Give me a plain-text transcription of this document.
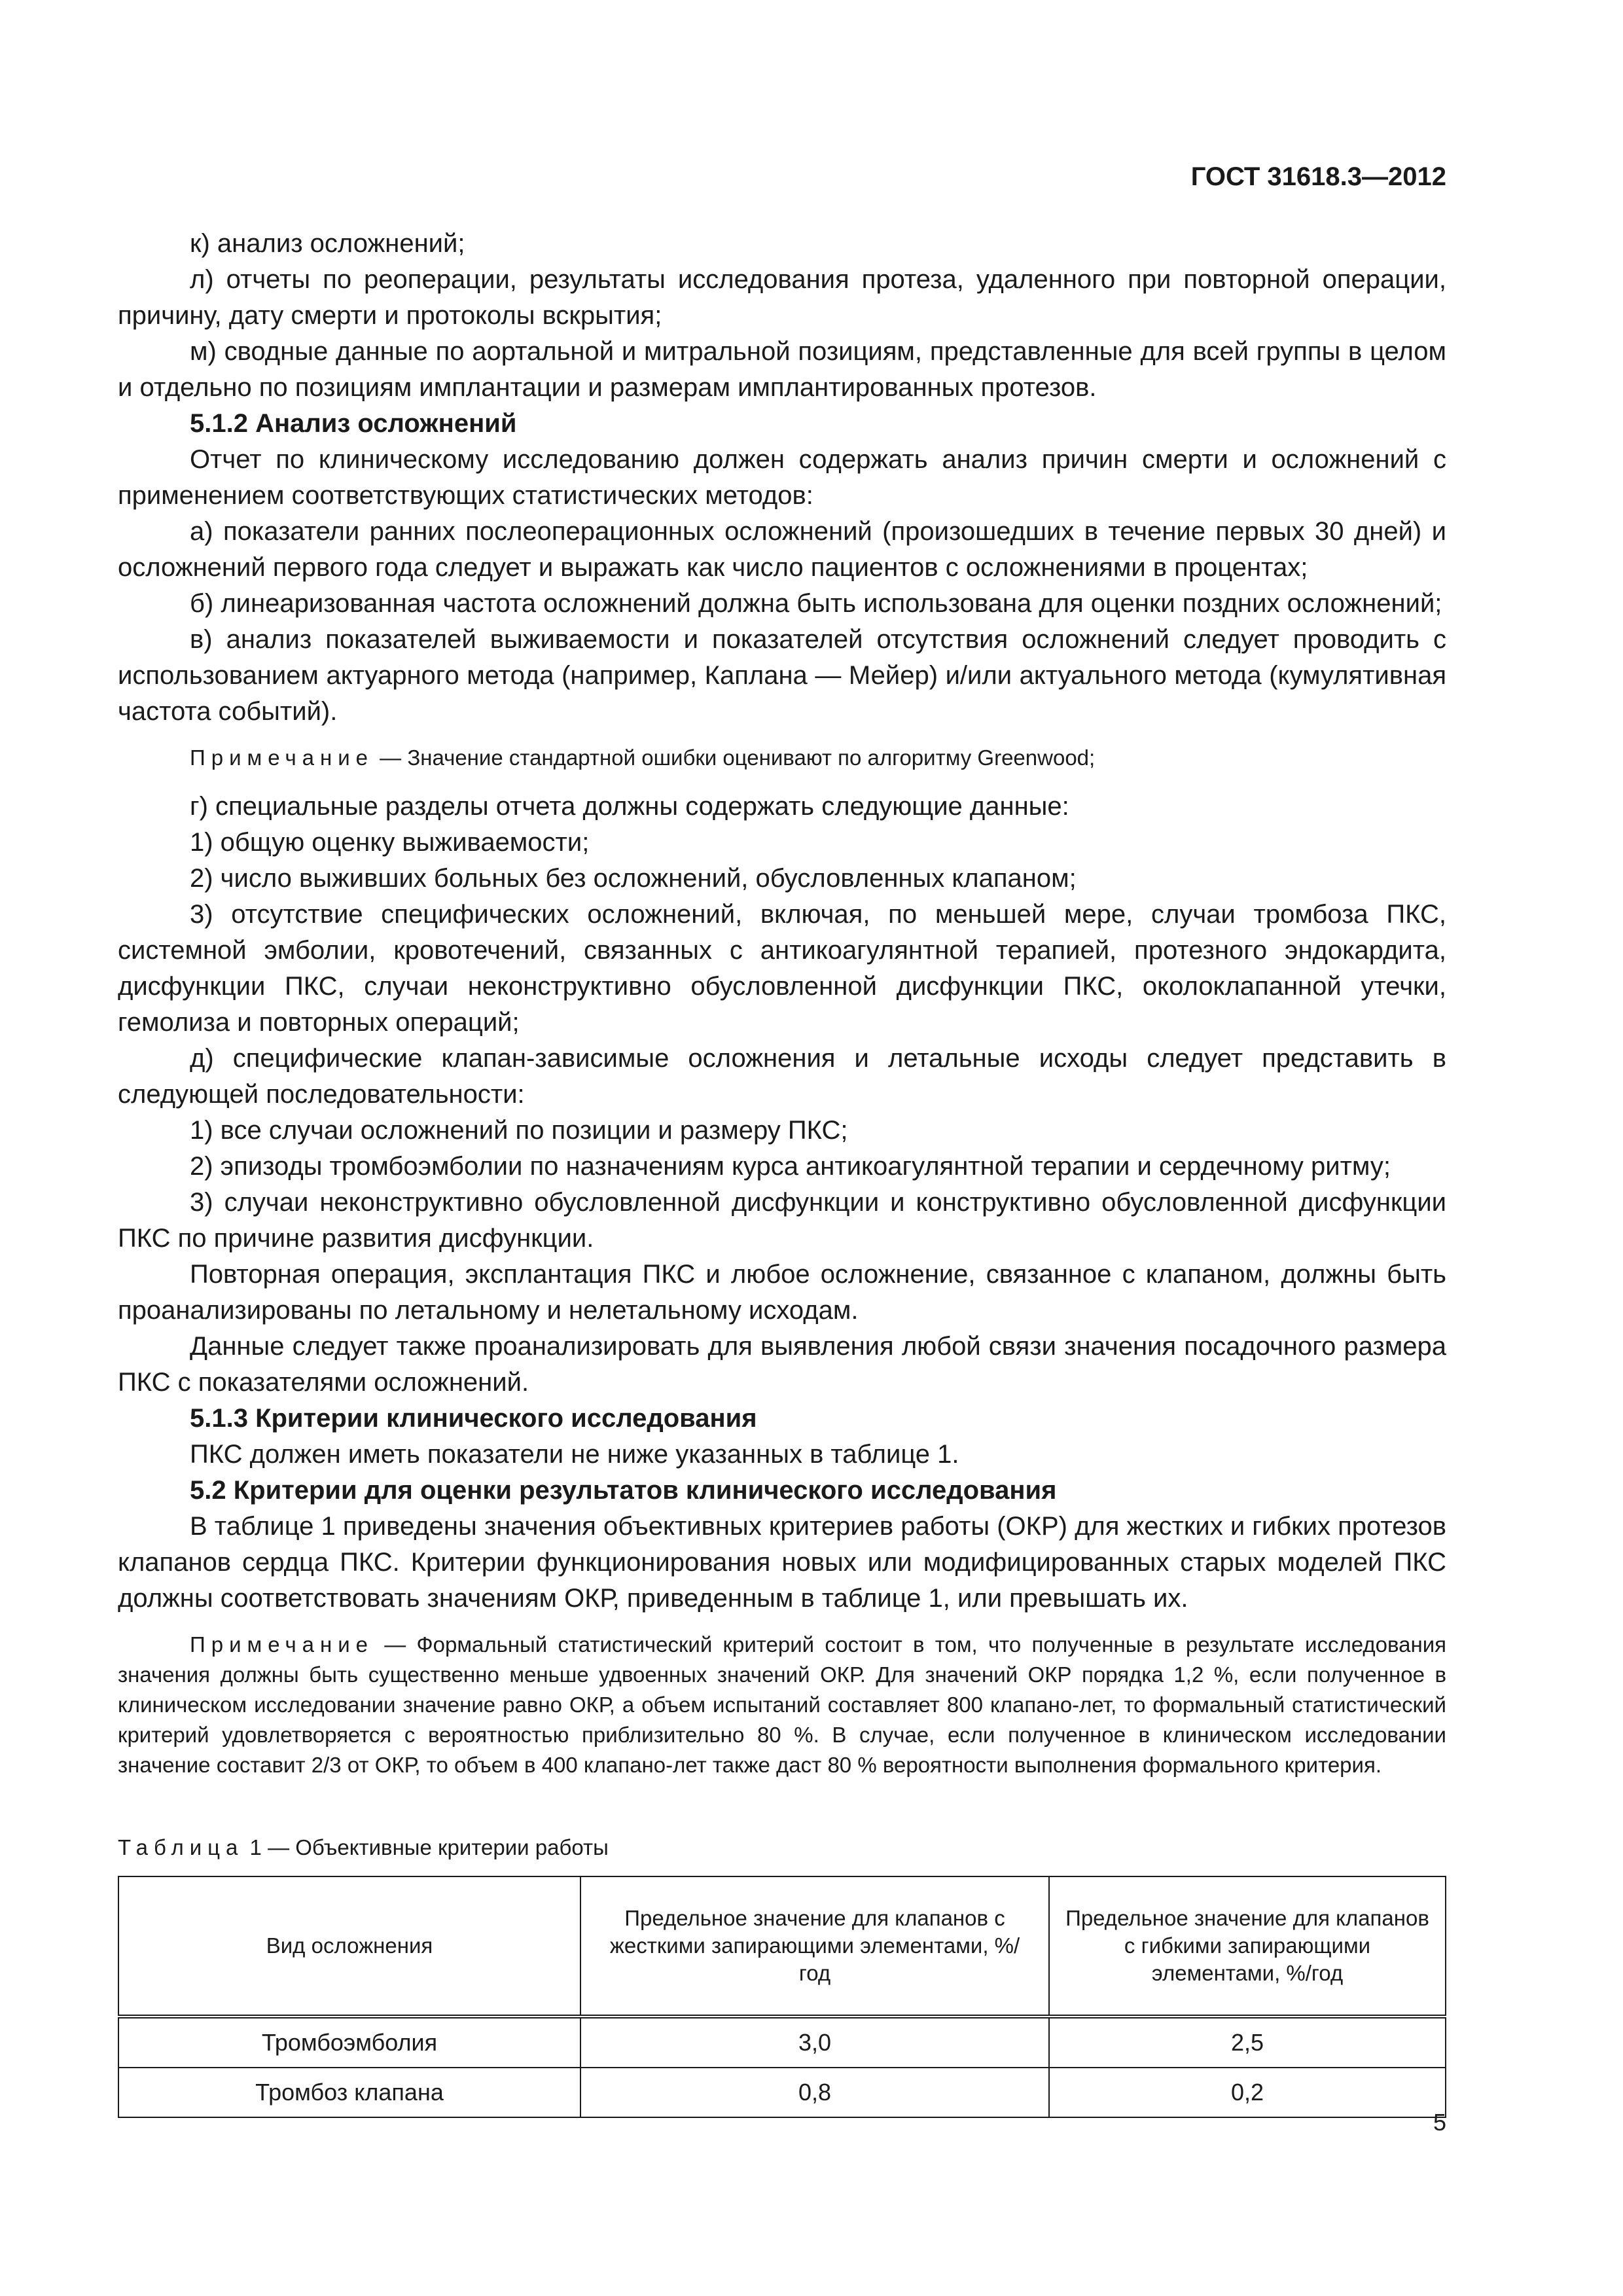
ГОСТ 31618.3—2012

к) анализ осложнений;

л) отчеты по реоперации, результаты исследования протеза, удаленного при повторной операции, причину, дату смерти и протоколы вскрытия;

м) сводные данные по аортальной и митральной позициям, представленные для всей группы в целом и отдельно по позициям имплантации и размерам имплантированных протезов.

5.1.2 Анализ осложнений

Отчет по клиническому исследованию должен содержать анализ причин смерти и осложнений с применением соответствующих статистических методов:

а) показатели ранних послеоперационных осложнений (произошедших в течение первых 30 дней) и осложнений первого года следует и выражать как число пациентов с осложнениями в процентах;

б) линеаризованная частота осложнений должна быть использована для оценки поздних осложнений;

в) анализ показателей выживаемости и показателей отсутствия осложнений следует проводить с использованием актуарного метода (например, Каплана — Мейер) и/или актуального метода (кумулятивная частота событий).

Примечание — Значение стандартной ошибки оценивают по алгоритму Greenwood;

г) специальные разделы отчета должны содержать следующие данные:

1) общую оценку выживаемости;

2) число выживших больных без осложнений, обусловленных клапаном;

3) отсутствие специфических осложнений, включая, по меньшей мере, случаи тромбоза ПКС, системной эмболии, кровотечений, связанных с антикоагулянтной терапией, протезного эндокардита, дисфункции ПКС, случаи неконструктивно обусловленной дисфункции ПКС, околоклапанной утечки, гемолиза и повторных операций;

д) специфические клапан-зависимые осложнения и летальные исходы следует представить в следующей последовательности:

1) все случаи осложнений по позиции и размеру ПКС;

2) эпизоды тромбоэмболии по назначениям курса антикоагулянтной терапии и сердечному ритму;

3) случаи неконструктивно обусловленной дисфункции и конструктивно обусловленной дисфункции ПКС по причине развития дисфункции.

Повторная операция, эксплантация ПКС и любое осложнение, связанное с клапаном, должны быть проанализированы по летальному и нелетальному исходам.

Данные следует также проанализировать для выявления любой связи значения посадочного размера ПКС с показателями осложнений.

5.1.3 Критерии клинического исследования

ПКС должен иметь показатели не ниже указанных в таблице 1.

5.2 Критерии для оценки результатов клинического исследования

В таблице 1 приведены значения объективных критериев работы (ОКР) для жестких и гибких протезов клапанов сердца ПКС. Критерии функционирования новых или модифицированных старых моделей ПКС должны соответствовать значениям ОКР, приведенным в таблице 1, или превышать их.

Примечание — Формальный статистический критерий состоит в том, что полученные в результате исследования значения должны быть существенно меньше удвоенных значений ОКР. Для значений ОКР порядка 1,2 %, если полученное в клиническом исследовании значение равно ОКР, а объем испытаний составляет 800 клапано-лет, то формальный статистический критерий удовлетворяется с вероятностью приблизительно 80 %. В случае, если полученное в клиническом исследовании значение составит 2/3 от ОКР, то объем в 400 клапано-лет также даст 80 % вероятности выполнения формального критерия.

Таблица 1 — Объективные критерии работы
Вид осложнения	Предельное значение для клапанов с жесткими запирающими элементами, %/год	Предельное значение для клапанов с гибкими запирающими элементами, %/год
Тромбоэмболия	3,0	2,5
Тромбоз клапана	0,8	0,2
5
